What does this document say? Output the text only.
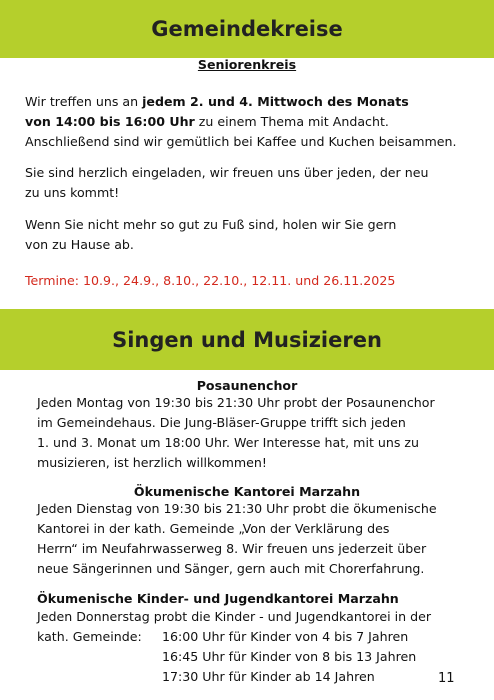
Gemeindekreise

Seniorenkreis

Wir treffen uns an jedem 2. und 4. Mittwoch des Monats

von 14:00 bis 16:00 Uhr zu einem Thema mit Andacht.

Anschließend sind wir gemütlich bei Kaffee und Kuchen beisammen.

Sie sind herzlich eingeladen, wir freuen uns über jeden, der neu

zu uns kommt!

Wenn Sie nicht mehr so gut zu Fuß sind, holen wir Sie gern

von zu Hause ab.

Termine: 10.9., 24.9., 8.10., 22.10., 12.11. und 26.11.2025

Singen und Musizieren

Posaunenchor

Jeden Montag von 19:30 bis 21:30 Uhr probt der Posaunenchor

im Gemeindehaus. Die Jung-Bläser-Gruppe trifft sich jeden

1. und 3. Monat um 18:00 Uhr. Wer Interesse hat, mit uns zu

musizieren, ist herzlich willkommen!

Ökumenische Kantorei Marzahn

Jeden Dienstag von 19:30 bis 21:30 Uhr probt die ökumenische

Kantorei in der kath. Gemeinde „Von der Verklärung des

Herrn“ im Neufahrwasserweg 8. Wir freuen uns jederzeit über

neue Sängerinnen und Sänger, gern auch mit Chorerfahrung.

Ökumenische Kinder- und Jugendkantorei Marzahn

Jeden Donnerstag probt die Kinder - und Jugendkantorei in der

kath. Gemeinde: 16:00 Uhr für Kinder von 4 bis 7 Jahren

16:45 Uhr für Kinder von 8 bis 13 Jahren

17:30 Uhr für Kinder ab 14 Jahren	11
